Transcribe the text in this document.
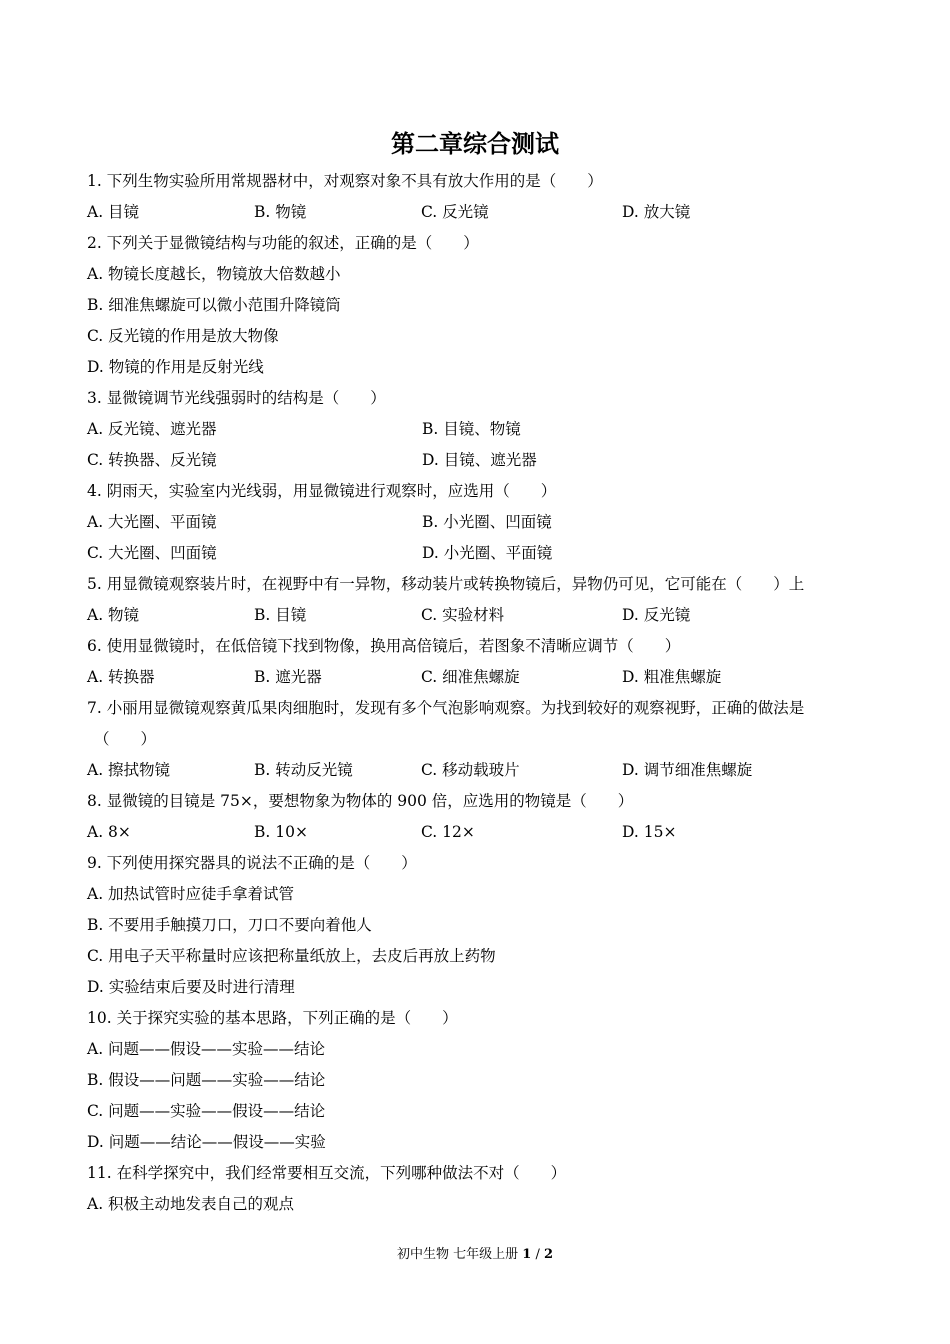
第二章综合测试
1. 下列生物实验所用常规器材中，对观察对象不具有放大作用的是（　　）
A. 目镜	B. 物镜	C. 反光镜	D. 放大镜
2. 下列关于显微镜结构与功能的叙述，正确的是（　　）
A. 物镜长度越长，物镜放大倍数越小
B. 细准焦螺旋可以微小范围升降镜筒
C. 反光镜的作用是放大物像
D. 物镜的作用是反射光线
3. 显微镜调节光线强弱时的结构是（　　）
A. 反光镜、遮光器	B. 目镜、物镜
C. 转换器、反光镜	D. 目镜、遮光器
4. 阴雨天，实验室内光线弱，用显微镜进行观察时，应选用（　　）
A. 大光圈、平面镜	B. 小光圈、凹面镜
C. 大光圈、凹面镜	D. 小光圈、平面镜
5. 用显微镜观察装片时，在视野中有一异物，移动装片或转换物镜后，异物仍可见，它可能在（　　）上
A. 物镜	B. 目镜	C. 实验材料	D. 反光镜
6. 使用显微镜时，在低倍镜下找到物像，换用高倍镜后，若图象不清晰应调节（　　）
A. 转换器	B. 遮光器	C. 细准焦螺旋	D. 粗准焦螺旋
7. 小丽用显微镜观察黄瓜果肉细胞时，发现有多个气泡影响观察。为找到较好的观察视野，正确的做法是
（　　）
A. 擦拭物镜	B. 转动反光镜	C. 移动载玻片	D. 调节细准焦螺旋
8. 显微镜的目镜是 75×，要想物象为物体的 900 倍，应选用的物镜是（　　）
A. 8×	B. 10×	C. 12×	D. 15×
9. 下列使用探究器具的说法不正确的是（　　）
A. 加热试管时应徒手拿着试管
B. 不要用手触摸刀口，刀口不要向着他人
C. 用电子天平称量时应该把称量纸放上，去皮后再放上药物
D. 实验结束后要及时进行清理
10. 关于探究实验的基本思路，下列正确的是（　　）
A. 问题——假设——实验——结论
B. 假设——问题——实验——结论
C. 问题——实验——假设——结论
D. 问题——结论——假设——实验
11. 在科学探究中，我们经常要相互交流，下列哪种做法不对（　　）
A. 积极主动地发表自己的观点
初中生物 七年级上册 1 / 2
